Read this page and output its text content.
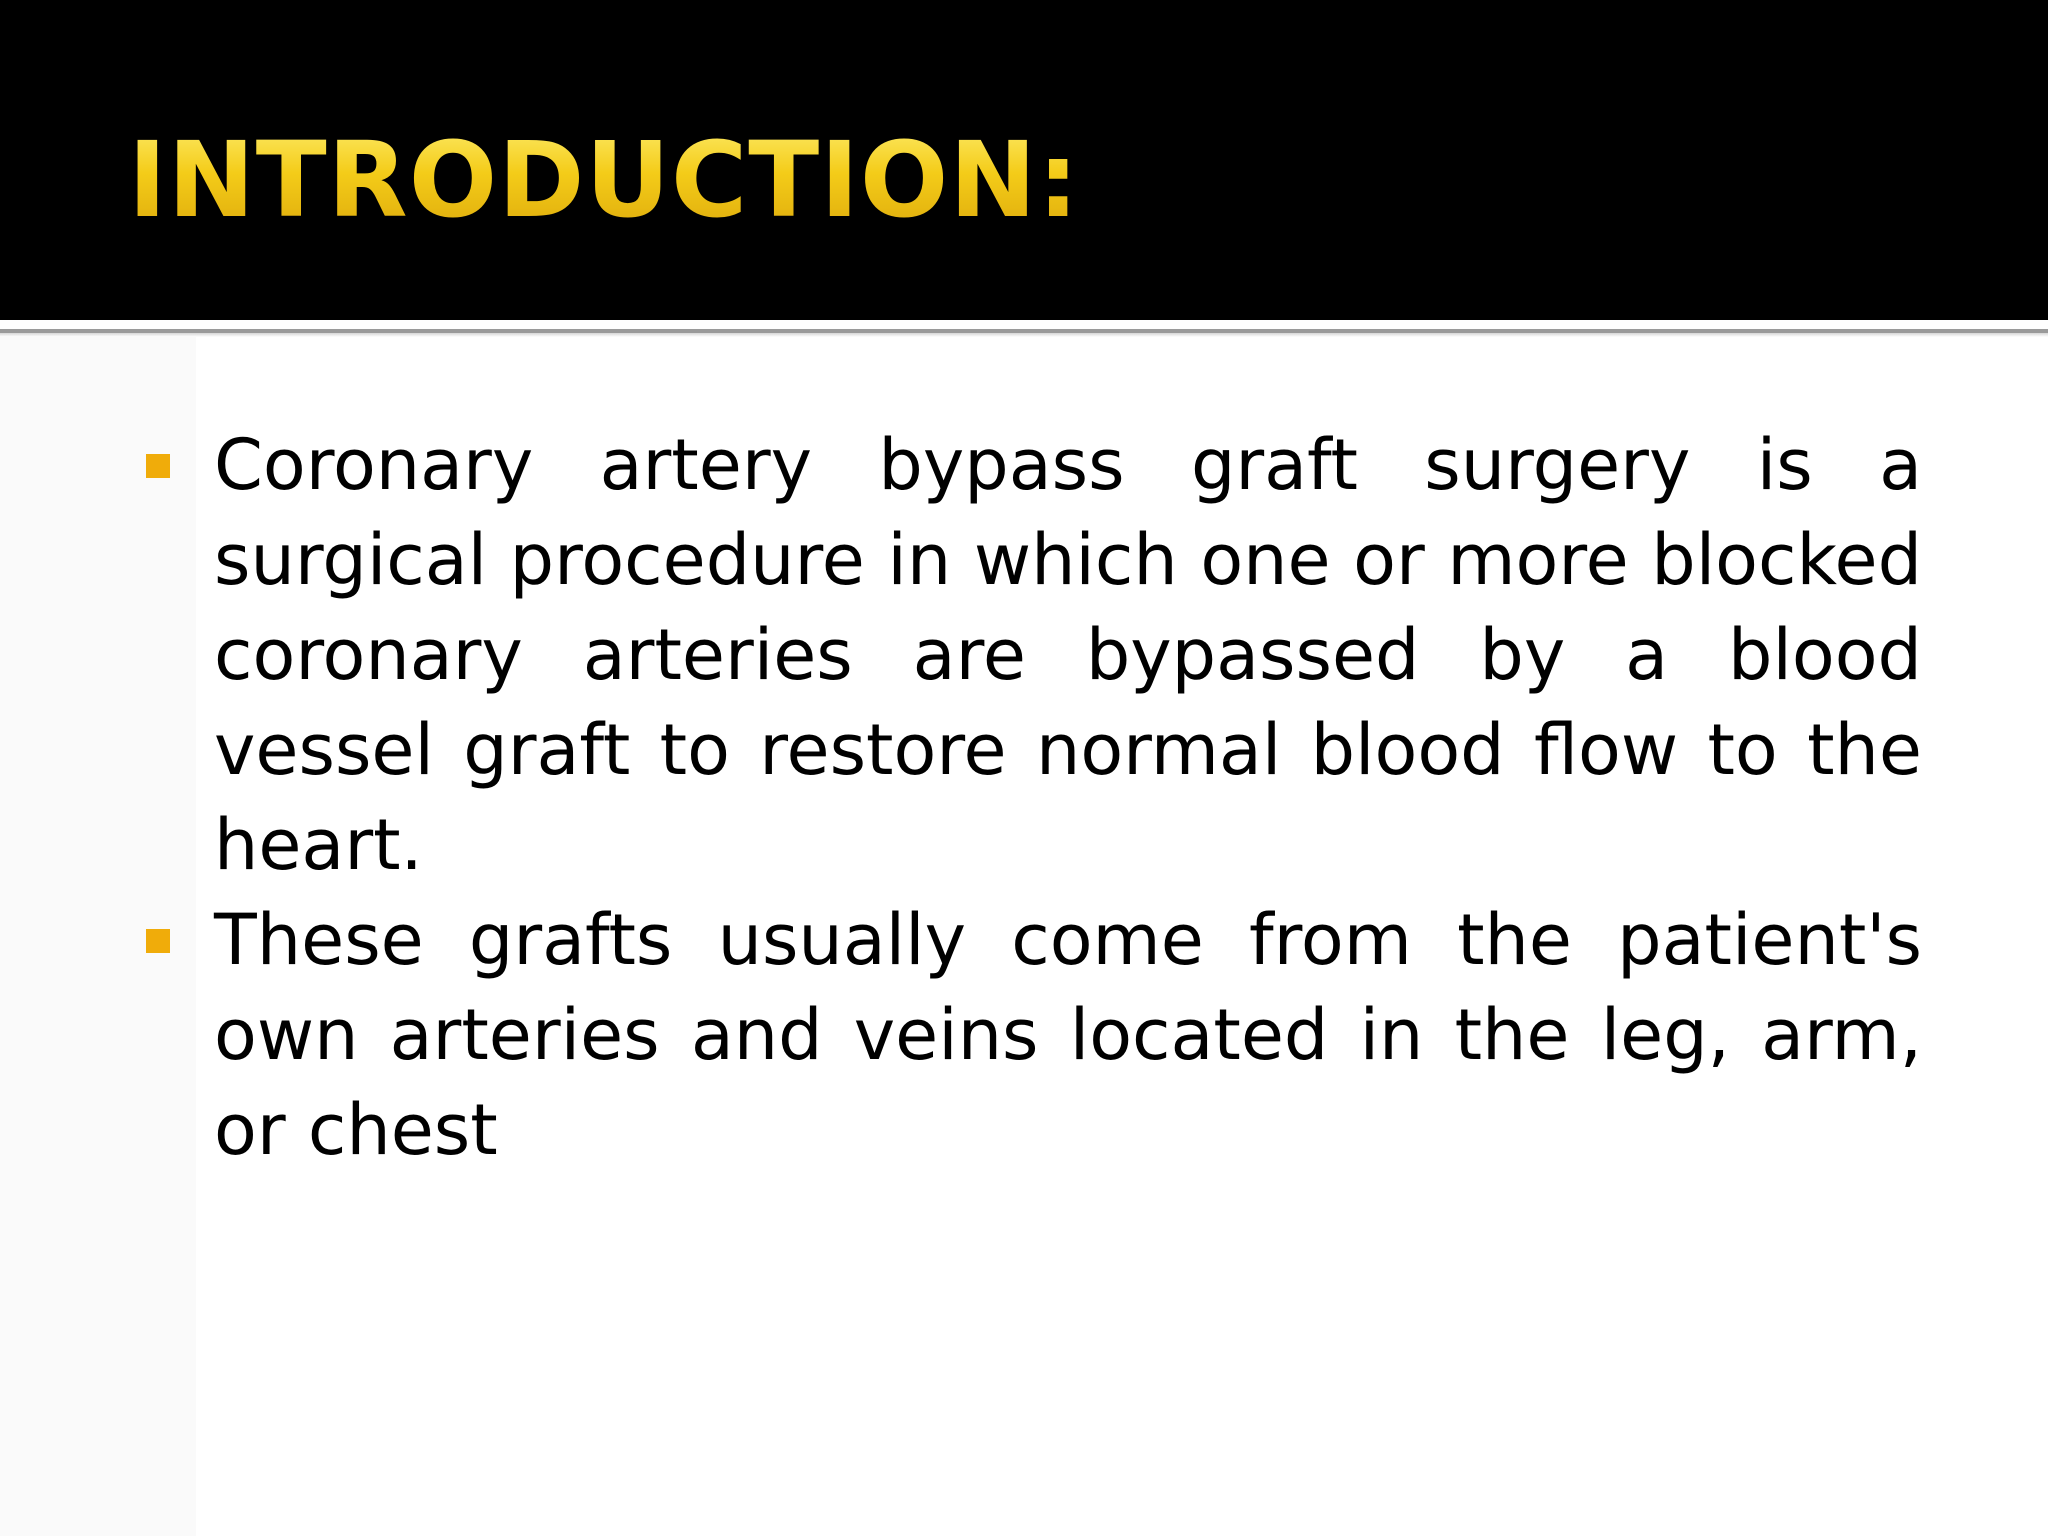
INTRODUCTION:
Coronary artery bypass graft surgery is a surgical procedure in which one or more blocked coronary arteries are bypassed by a blood vessel graft to restore normal blood flow to the heart.
These grafts usually come from the patient's own arteries and veins located in the leg, arm, or chest
